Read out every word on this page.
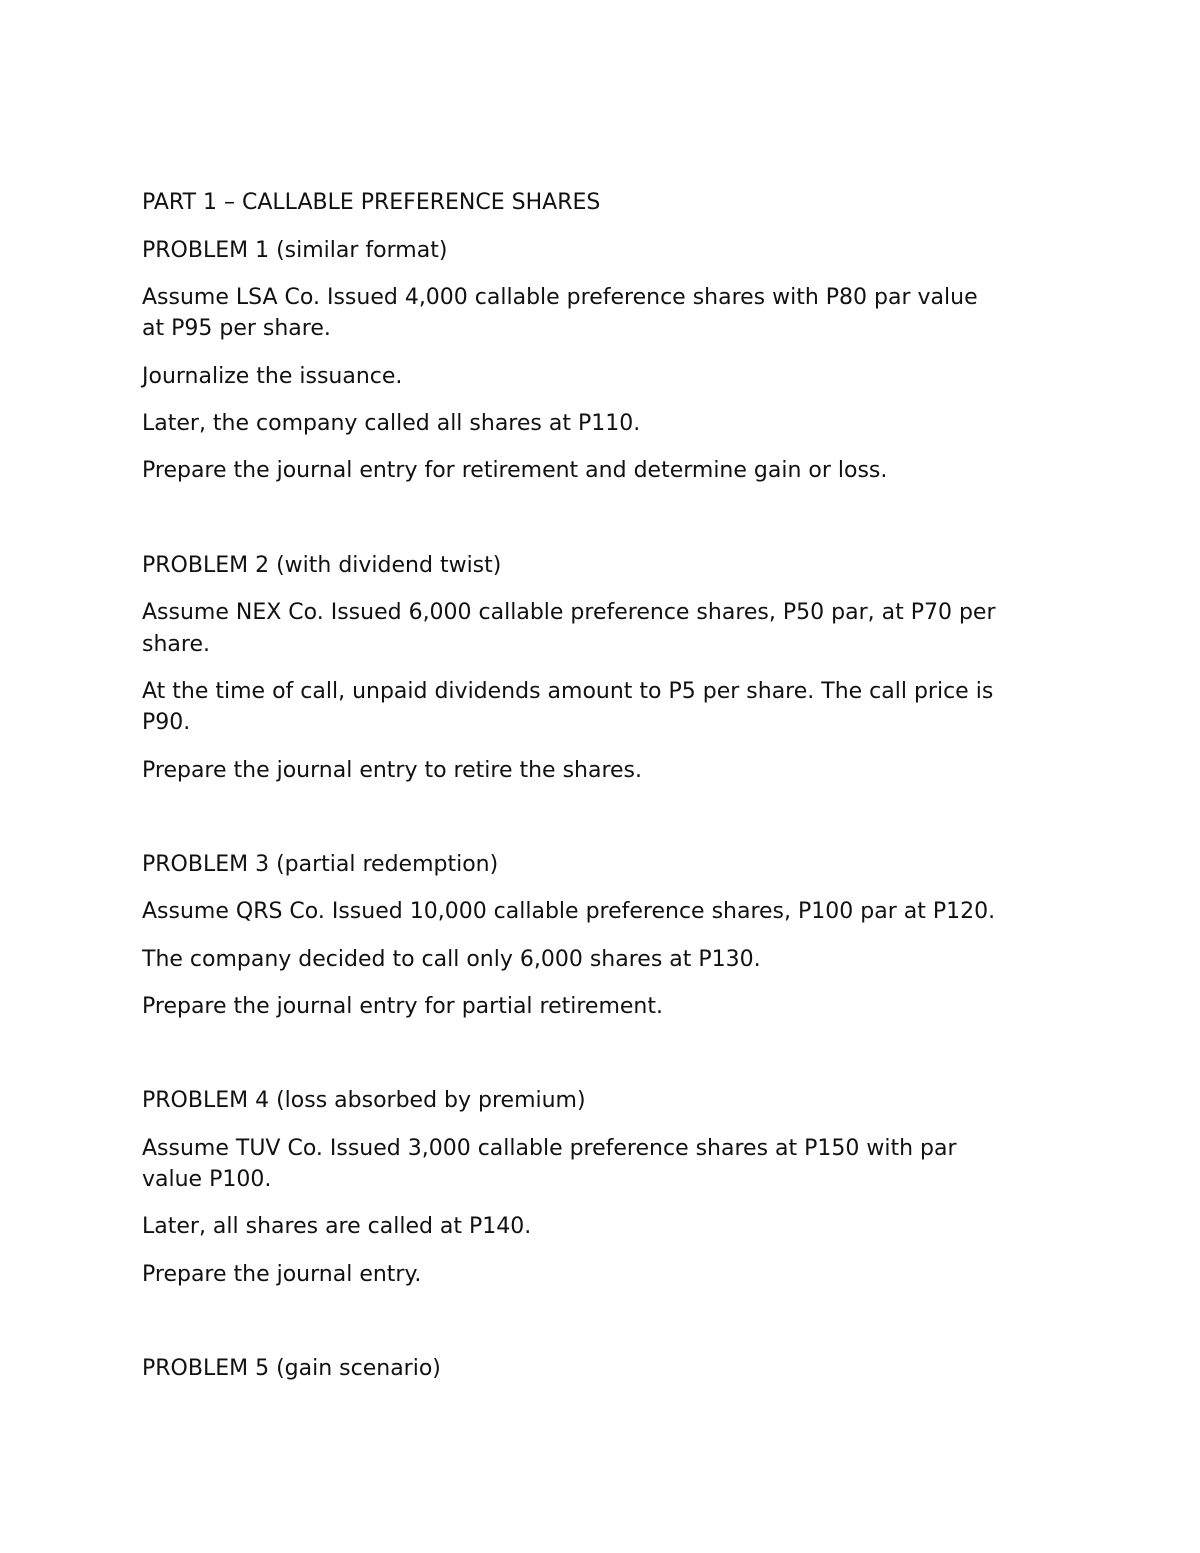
PART 1 – CALLABLE PREFERENCE SHARES

PROBLEM 1 (similar format)

Assume LSA Co. Issued 4,000 callable preference shares with P80 par value

at P95 per share.

Journalize the issuance.

Later, the company called all shares at P110.

Prepare the journal entry for retirement and determine gain or loss.

PROBLEM 2 (with dividend twist)

Assume NEX Co. Issued 6,000 callable preference shares, P50 par, at P70 per

share.

At the time of call, unpaid dividends amount to P5 per share. The call price is

P90.

Prepare the journal entry to retire the shares.

PROBLEM 3 (partial redemption)

Assume QRS Co. Issued 10,000 callable preference shares, P100 par at P120.

The company decided to call only 6,000 shares at P130.

Prepare the journal entry for partial retirement.

PROBLEM 4 (loss absorbed by premium)

Assume TUV Co. Issued 3,000 callable preference shares at P150 with par

value P100.

Later, all shares are called at P140.

Prepare the journal entry.

PROBLEM 5 (gain scenario)
